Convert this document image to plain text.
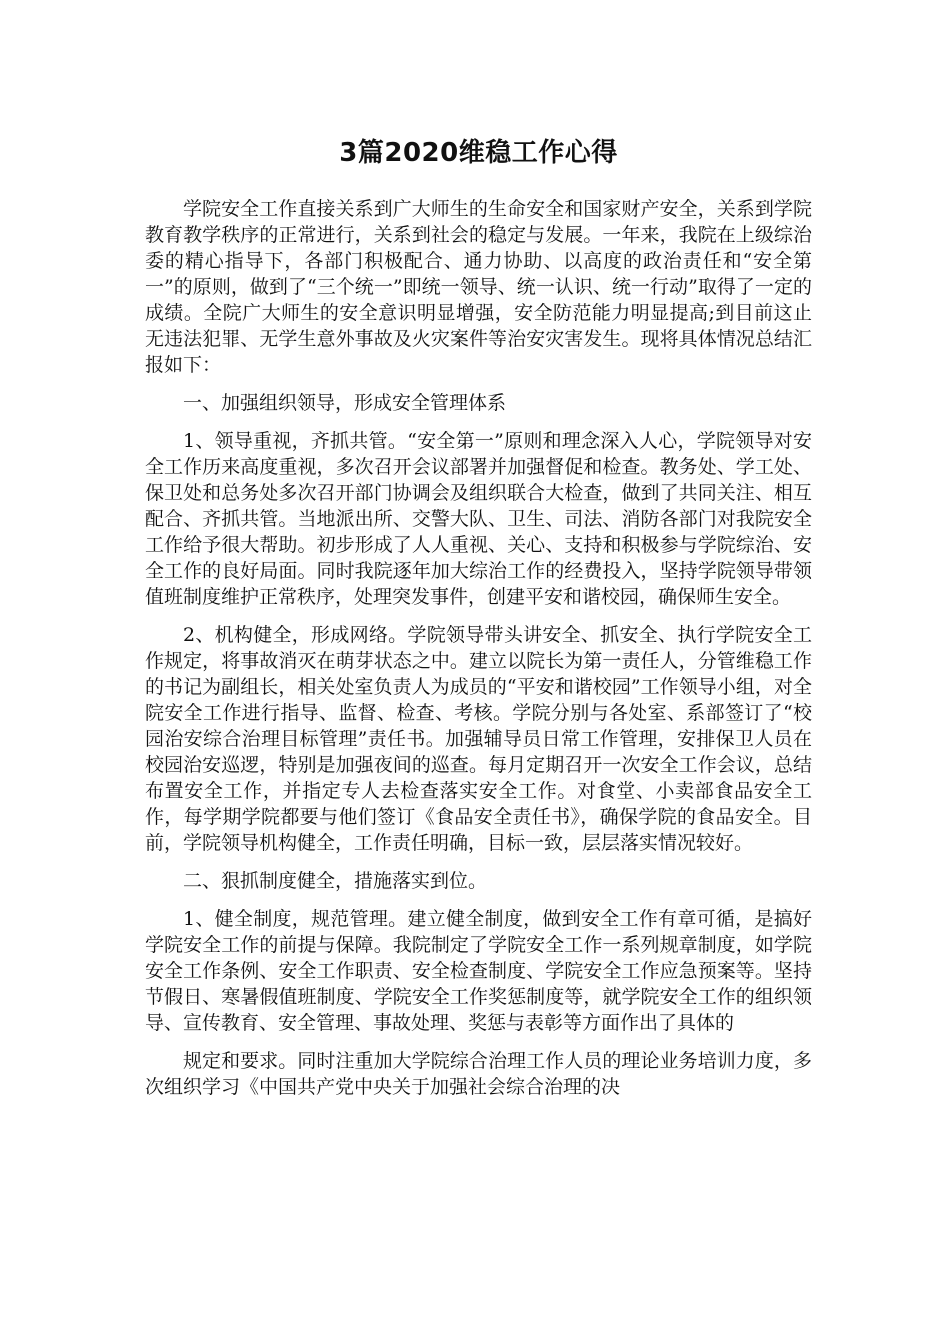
3篇2020维稳工作心得

学院安全工作直接关系到广大师生的生命安全和国家财产安全，关系到学院教育教学秩序的正常进行，关系到社会的稳定与发展。一年来，我院在上级综治委的精心指导下，各部门积极配合、通力协助、以高度的政治责任和“安全第一”的原则，做到了“三个统一”即统一领导、统一认识、统一行动”取得了一定的成绩。全院广大师生的安全意识明显增强，安全防范能力明显提高;到目前这止无违法犯罪、无学生意外事故及火灾案件等治安灾害发生。现将具体情况总结汇报如下：

一、加强组织领导，形成安全管理体系

1、领导重视，齐抓共管。“安全第一”原则和理念深入人心，学院领导对安全工作历来高度重视，多次召开会议部署并加强督促和检查。教务处、学工处、保卫处和总务处多次召开部门协调会及组织联合大检查，做到了共同关注、相互配合、齐抓共管。当地派出所、交警大队、卫生、司法、消防各部门对我院安全工作给予很大帮助。初步形成了人人重视、关心、支持和积极参与学院综治、安全工作的良好局面。同时我院逐年加大综治工作的经费投入，坚持学院领导带领值班制度维护正常秩序，处理突发事件，创建平安和谐校园，确保师生安全。

2、机构健全，形成网络。学院领导带头讲安全、抓安全、执行学院安全工作规定，将事故消灭在萌芽状态之中。建立以院长为第一责任人，分管维稳工作的书记为副组长，相关处室负责人为成员的“平安和谐校园”工作领导小组，对全院安全工作进行指导、监督、检查、考核。学院分别与各处室、系部签订了“校园治安综合治理目标管理”责任书。加强辅导员日常工作管理，安排保卫人员在校园治安巡逻，特别是加强夜间的巡查。每月定期召开一次安全工作会议，总结布置安全工作，并指定专人去检查落实安全工作。对食堂、小卖部食品安全工作，每学期学院都要与他们签订《食品安全责任书》，确保学院的食品安全。目前，学院领导机构健全，工作责任明确，目标一致，层层落实情况较好。

二、狠抓制度健全，措施落实到位。

1、健全制度，规范管理。建立健全制度，做到安全工作有章可循，是搞好学院安全工作的前提与保障。我院制定了学院安全工作一系列规章制度，如学院安全工作条例、安全工作职责、安全检查制度、学院安全工作应急预案等。坚持节假日、寒暑假值班制度、学院安全工作奖惩制度等，就学院安全工作的组织领导、宣传教育、安全管理、事故处理、奖惩与表彰等方面作出了具体的

规定和要求。同时注重加大学院综合治理工作人员的理论业务培训力度，多次组织学习《中国共产党中央关于加强社会综合治理的决
